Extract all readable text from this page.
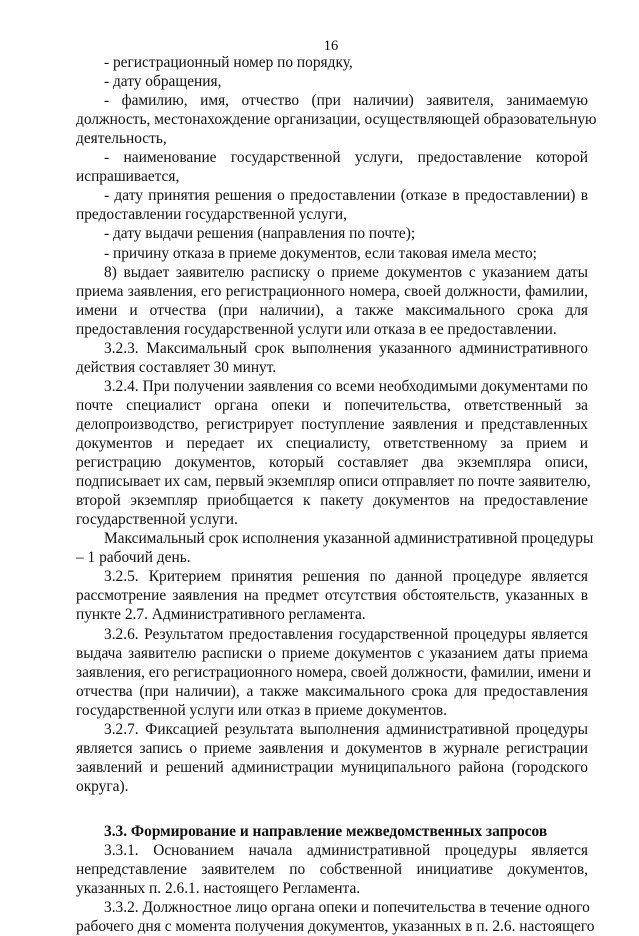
16
- регистрационный номер по порядку,
- дату обращения,
- фамилию, имя, отчество (при наличии) заявителя, занимаемую
должность, местонахождение организации, осуществляющей образовательную
деятельность,
- наименование государственной услуги, предоставление которой
испрашивается,
- дату принятия решения о предоставлении (отказе в предоставлении) в
предоставлении государственной услуги,
- дату выдачи решения (направления по почте);
- причину отказа в приеме документов, если таковая имела место;
8) выдает заявителю расписку о приеме документов с указанием даты
приема заявления, его регистрационного номера, своей должности, фамилии,
имени и отчества (при наличии), а также максимального срока для
предоставления государственной услуги или отказа в ее предоставлении.
3.2.3. Максимальный срок выполнения указанного административного
действия составляет 30 минут.
3.2.4. При получении заявления со всеми необходимыми документами по
почте специалист органа опеки и попечительства, ответственный за
делопроизводство, регистрирует поступление заявления и представленных
документов и передает их специалисту, ответственному за прием и
регистрацию документов, который составляет два экземпляра описи,
подписывает их сам, первый экземпляр описи отправляет по почте заявителю,
второй экземпляр приобщается к пакету документов на предоставление
государственной услуги.
Максимальный срок исполнения указанной административной процедуры
– 1 рабочий день.
3.2.5. Критерием принятия решения по данной процедуре является
рассмотрение заявления на предмет отсутствия обстоятельств, указанных в
пункте 2.7. Административного регламента.
3.2.6. Результатом предоставления государственной процедуры является
выдача заявителю расписки о приеме документов с указанием даты приема
заявления, его регистрационного номера, своей должности, фамилии, имени и
отчества (при наличии), а также максимального срока для предоставления
государственной услуги или отказ в приеме документов.
3.2.7. Фиксацией результата выполнения административной процедуры
является запись о приеме заявления и документов в журнале регистрации
заявлений и решений администрации муниципального района (городского
округа).
3.3. Формирование и направление межведомственных запросов
3.3.1. Основанием начала административной процедуры является
непредставление заявителем по собственной инициативе документов,
указанных п. 2.6.1. настоящего Регламента.
3.3.2. Должностное лицо органа опеки и попечительства в течение одного
рабочего дня с момента получения документов, указанных в п. 2.6. настоящего
